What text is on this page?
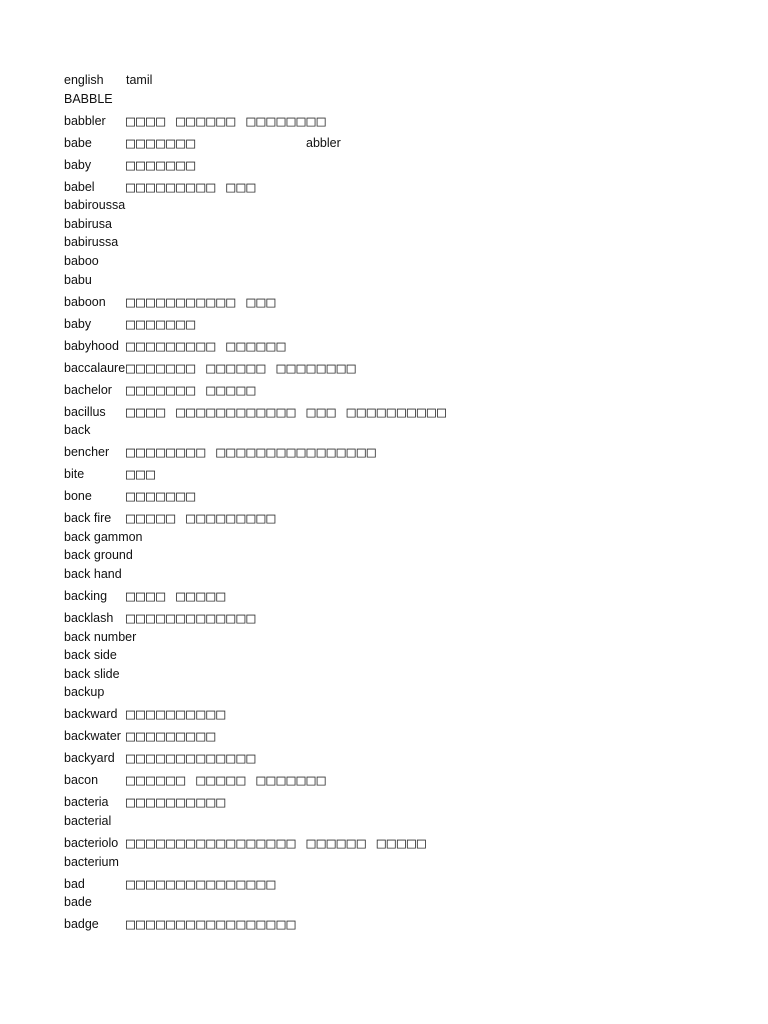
english	tamil
BABBLE
babbler	□□□□ □□□□□□ □□□□□□□□
babe	□□□□□□□	abbler
baby	□□□□□□□
babel	□□□□□□□□□ □□□
babiroussa
babirusa
babirussa
baboo
babu
baboon	□□□□□□□□□□□ □□□
baby	□□□□□□□
babyhood □□□□□□□□□ □□□□□□
baccalaure □□□□□□□ □□□□□□ □□□□□□□□
bachelor □□□□□□□ □□□□□
bacillus	□□□□ □□□□□□□□□□□□ □□□ □□□□□□□□□□
back
bencher	□□□□□□□□ □□□□□□□□□□□□□□□□
bite	□□□
bone	□□□□□□□
back fire □□□□□ □□□□□□□□□
back gammon
back ground
back hand
backing	□□□□ □□□□□
backlash □□□□□□□□□□□□□
back number
back side
back slide
backup
backward □□□□□□□□□□
backwater □□□□□□□□□
backyard □□□□□□□□□□□□□
bacon	□□□□□□ □□□□□ □□□□□□□
bacteria	□□□□□□□□□□
bacterial
bacteriolo □□□□□□□□□□□□□□□□□ □□□□□□ □□□□□
bacterium
bad	□□□□□□□□□□□□□□□
bade
badge	□□□□□□□□□□□□□□□□□
